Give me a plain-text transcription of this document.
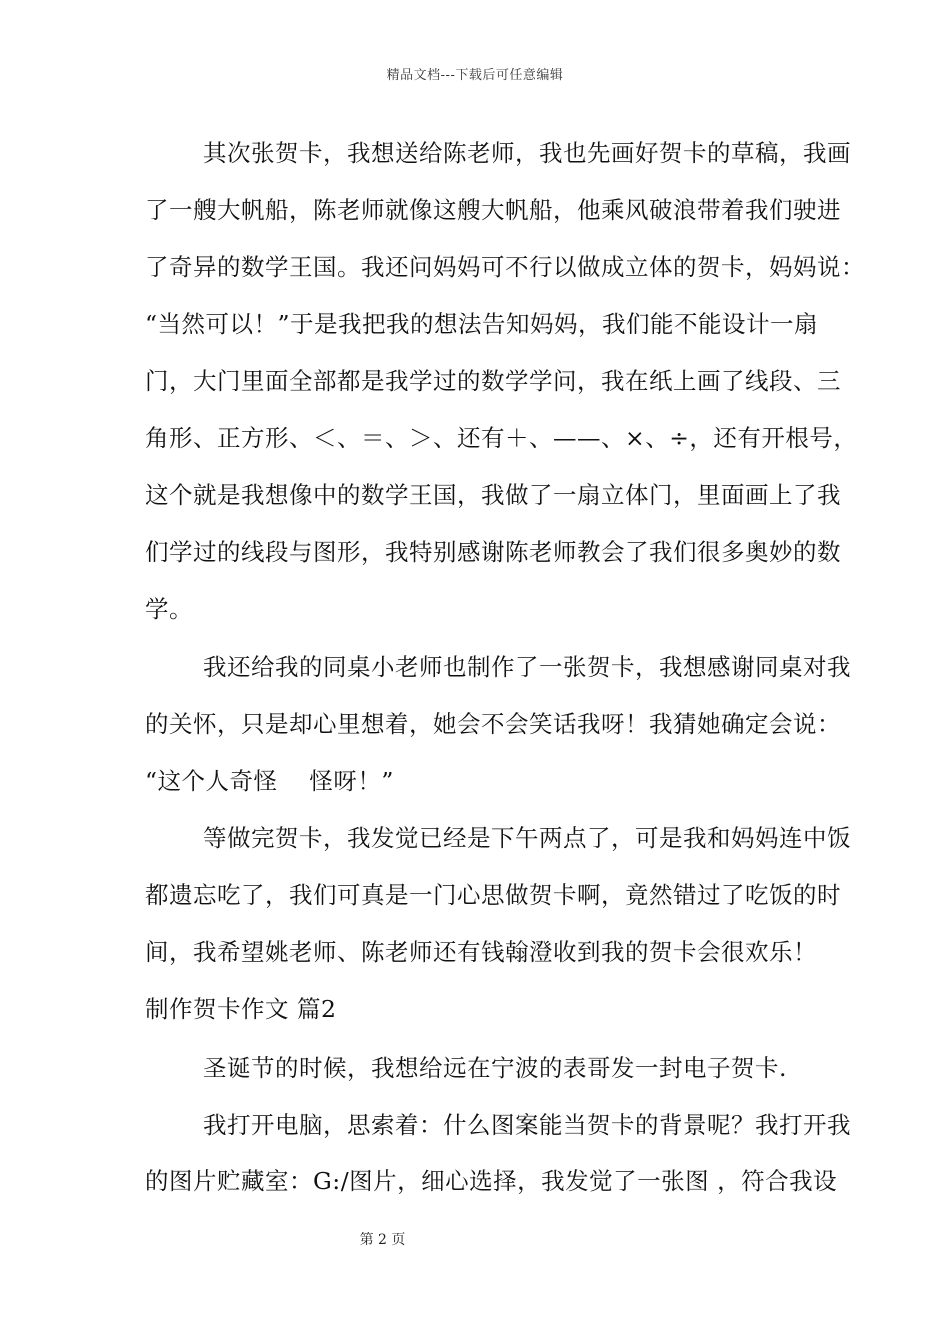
精品文档---下载后可任意编辑
其次张贺卡，我想送给陈老师，我也先画好贺卡的草稿，我画
了一艘大帆船，陈老师就像这艘大帆船，他乘风破浪带着我们驶进
了奇异的数学王国。我还问妈妈可不行以做成立体的贺卡，妈妈说：
“当然可以！”于是我把我的想法告知妈妈，我们能不能设计一扇
门，大门里面全部都是我学过的数学学问，我在纸上画了线段、三
角形、正方形、＜、＝、＞、还有＋、——、×、÷，还有开根号，
这个就是我想像中的数学王国，我做了一扇立体门，里面画上了我
们学过的线段与图形，我特别感谢陈老师教会了我们很多奥妙的数
学。
我还给我的同桌小老师也制作了一张贺卡，我想感谢同桌对我
的关怀，只是却心里想着，她会不会笑话我呀！我猜她确定会说：
“这个人奇怪    怪呀！”
等做完贺卡，我发觉已经是下午两点了，可是我和妈妈连中饭
都遗忘吃了，我们可真是一门心思做贺卡啊，竟然错过了吃饭的时
间，我希望姚老师、陈老师还有钱翰澄收到我的贺卡会很欢乐！
制作贺卡作文 篇2
圣诞节的时候，我想给远在宁波的表哥发一封电子贺卡.
我打开电脑，思索着：什么图案能当贺卡的背景呢？我打开我
的图片贮藏室：G:/图片，细心选择，我发觉了一张图 ，符合我设
第 2 页
